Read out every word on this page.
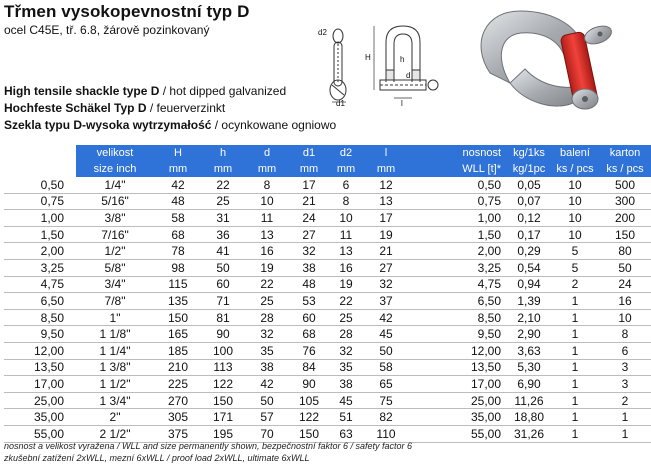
Třmen vysokopevnostní typ D
ocel C45E, tř. 6.8, žárově pozinkovaný
High tensile shackle type D / hot dipped galvanized
Hochfeste Schäkel Typ D / feuerverzinkt
Szekla typu D-wysoka wytrzymałość / ocynkowane ogniowo
d2
d1
H	h
d
l
	velikost	H	h	d	d1	d2	l		nosnost	kg/1ks	balení	karton
	size inch	mm	mm	mm	mm	mm	mm		WLL [t]*	kg/1pc	ks / pcs	ks / pcs
0,50	1/4"	42	22	8	17	6	12		0,50	0,05	10	500
0,75	5/16"	48	25	10	21	8	13		0,75	0,07	10	300
1,00	3/8"	58	31	11	24	10	17		1,00	0,12	10	200
1,50	7/16"	68	36	13	27	11	19		1,50	0,17	10	150
2,00	1/2"	78	41	16	32	13	21		2,00	0,29	5	80
3,25	5/8"	98	50	19	38	16	27		3,25	0,54	5	50
4,75	3/4"	115	60	22	48	19	32		4,75	0,94	2	24
6,50	7/8"	135	71	25	53	22	37		6,50	1,39	1	16
8,50	1"	150	81	28	60	25	42		8,50	2,10	1	10
9,50	1 1/8"	165	90	32	68	28	45		9,50	2,90	1	8
12,00	1 1/4"	185	100	35	76	32	50		12,00	3,63	1	6
13,50	1 3/8"	210	113	38	84	35	58		13,50	5,30	1	3
17,00	1 1/2"	225	122	42	90	38	65		17,00	6,90	1	3
25,00	1 3/4"	270	150	50	105	45	75		25,00	11,26	1	2
35,00	2"	305	171	57	122	51	82		35,00	18,80	1	1
55,00	2 1/2"	375	195	70	150	63	110		55,00	31,26	1	1
nosnost a velikost vyražena / WLL and size permanently shown, bezpečnostní faktor 6 / safety factor 6
zkušební zatížení 2xWLL, mezní 6xWLL / proof load 2xWLL, ultimate 6xWLL
